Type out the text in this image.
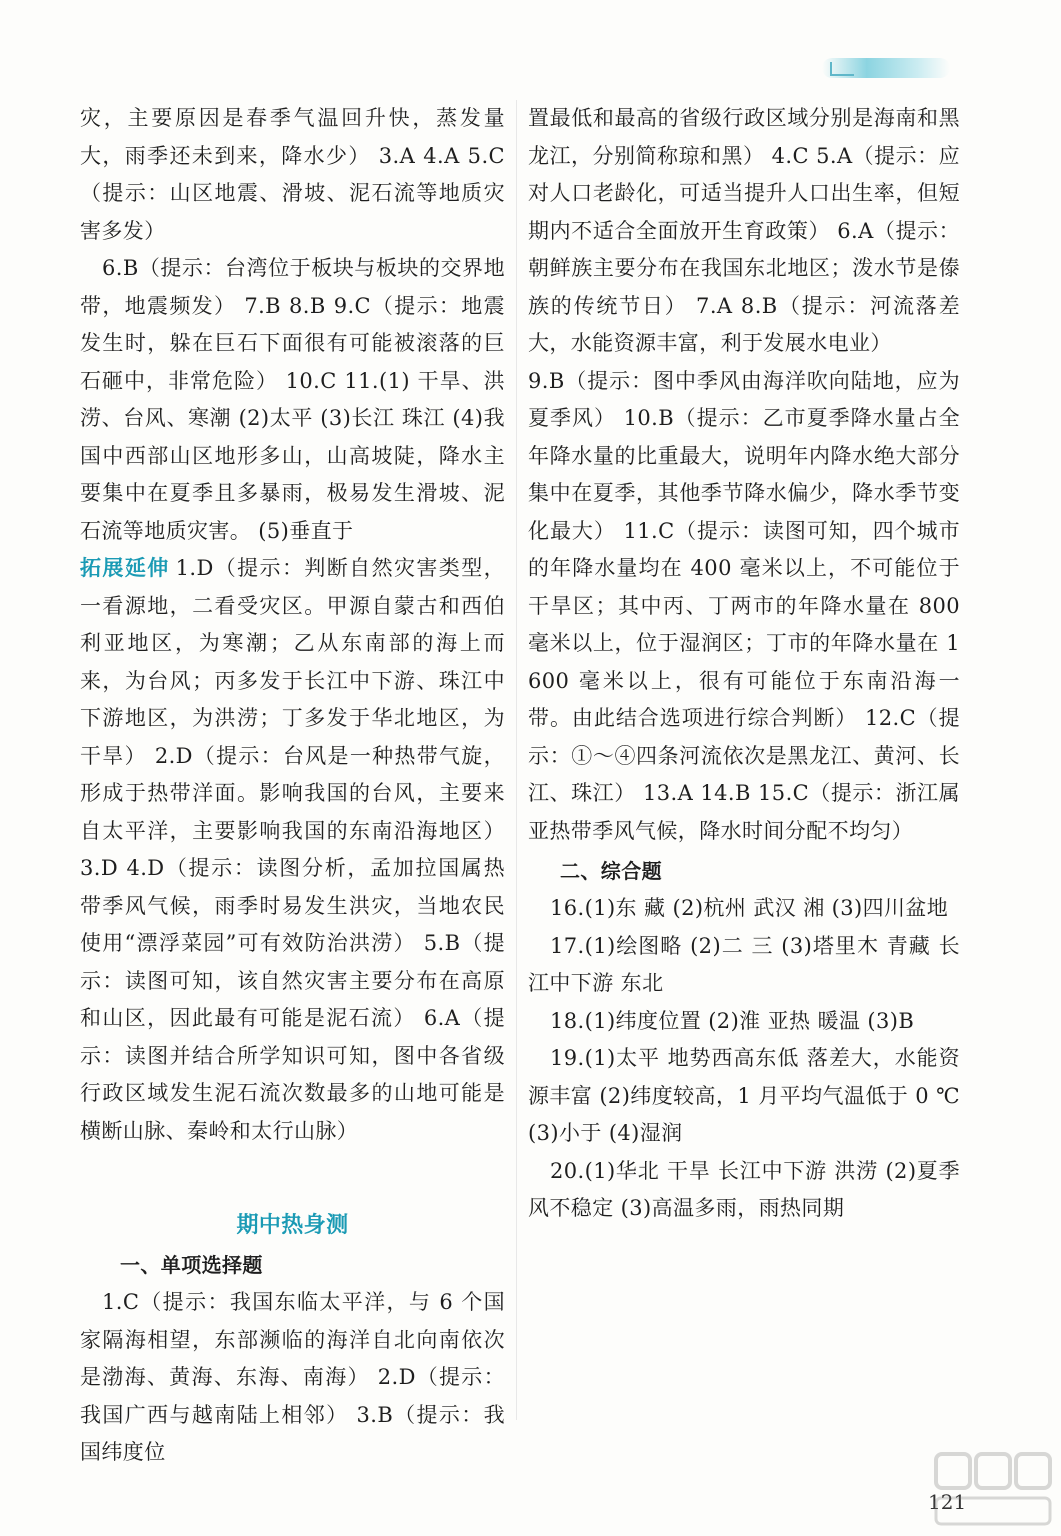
灾，主要原因是春季气温回升快，蒸发量大，雨季还未到来，降水少） 3.A 4.A 5.C（提示：山区地震、滑坡、泥石流等地质灾害多发）

6.B（提示：台湾位于板块与板块的交界地带，地震频发） 7.B 8.B 9.C（提示：地震发生时，躲在巨石下面很有可能被滚落的巨石砸中，非常危险） 10.C 11.(1) 干旱、洪涝、台风、寒潮 (2)太平 (3)长江 珠江 (4)我国中西部山区地形多山，山高坡陡，降水主要集中在夏季且多暴雨，极易发生滑坡、泥石流等地质灾害。 (5)垂直于

拓展延伸 1.D（提示：判断自然灾害类型，一看源地，二看受灾区。甲源自蒙古和西伯利亚地区，为寒潮；乙从东南部的海上而来，为台风；丙多发于长江中下游、珠江中下游地区，为洪涝；丁多发于华北地区，为干旱） 2.D（提示：台风是一种热带气旋，形成于热带洋面。影响我国的台风，主要来自太平洋，主要影响我国的东南沿海地区） 3.D 4.D（提示：读图分析，孟加拉国属热带季风气候，雨季时易发生洪灾，当地农民使用“漂浮菜园”可有效防治洪涝） 5.B（提示：读图可知，该自然灾害主要分布在高原和山区，因此最有可能是泥石流） 6.A（提示：读图并结合所学知识可知，图中各省级行政区域发生泥石流次数最多的山地可能是横断山脉、秦岭和太行山脉）

期中热身测
一、单项选择题

1.C（提示：我国东临太平洋，与 6 个国家隔海相望，东部濒临的海洋自北向南依次是渤海、黄海、东海、南海） 2.D（提示：我国广西与越南陆上相邻） 3.B（提示：我国纬度位

置最低和最高的省级行政区域分别是海南和黑龙江，分别简称琼和黑） 4.C 5.A（提示：应对人口老龄化，可适当提升人口出生率，但短期内不适合全面放开生育政策） 6.A（提示：朝鲜族主要分布在我国东北地区；泼水节是傣族的传统节日） 7.A 8.B（提示：河流落差大，水能资源丰富，利于发展水电业）

9.B（提示：图中季风由海洋吹向陆地，应为夏季风） 10.B（提示：乙市夏季降水量占全年降水量的比重最大，说明年内降水绝大部分集中在夏季，其他季节降水偏少，降水季节变化最大） 11.C（提示：读图可知，四个城市的年降水量均在 400 毫米以上，不可能位于干旱区；其中丙、丁两市的年降水量在 800 毫米以上，位于湿润区；丁市的年降水量在 1 600 毫米以上，很有可能位于东南沿海一带。由此结合选项进行综合判断） 12.C（提示：①～④四条河流依次是黑龙江、黄河、长江、珠江） 13.A 14.B 15.C（提示：浙江属亚热带季风气候，降水时间分配不均匀）

二、综合题

16.(1)东 藏 (2)杭州 武汉 湘 (3)四川盆地

17.(1)绘图略 (2)二 三 (3)塔里木 青藏 长江中下游 东北

18.(1)纬度位置 (2)淮 亚热 暖温 (3)B

19.(1)太平 地势西高东低 落差大，水能资源丰富 (2)纬度较高，1 月平均气温低于 0 ℃ (3)小于 (4)湿润

20.(1)华北 干旱 长江中下游 洪涝 (2)夏季风不稳定 (3)高温多雨，雨热同期

121
